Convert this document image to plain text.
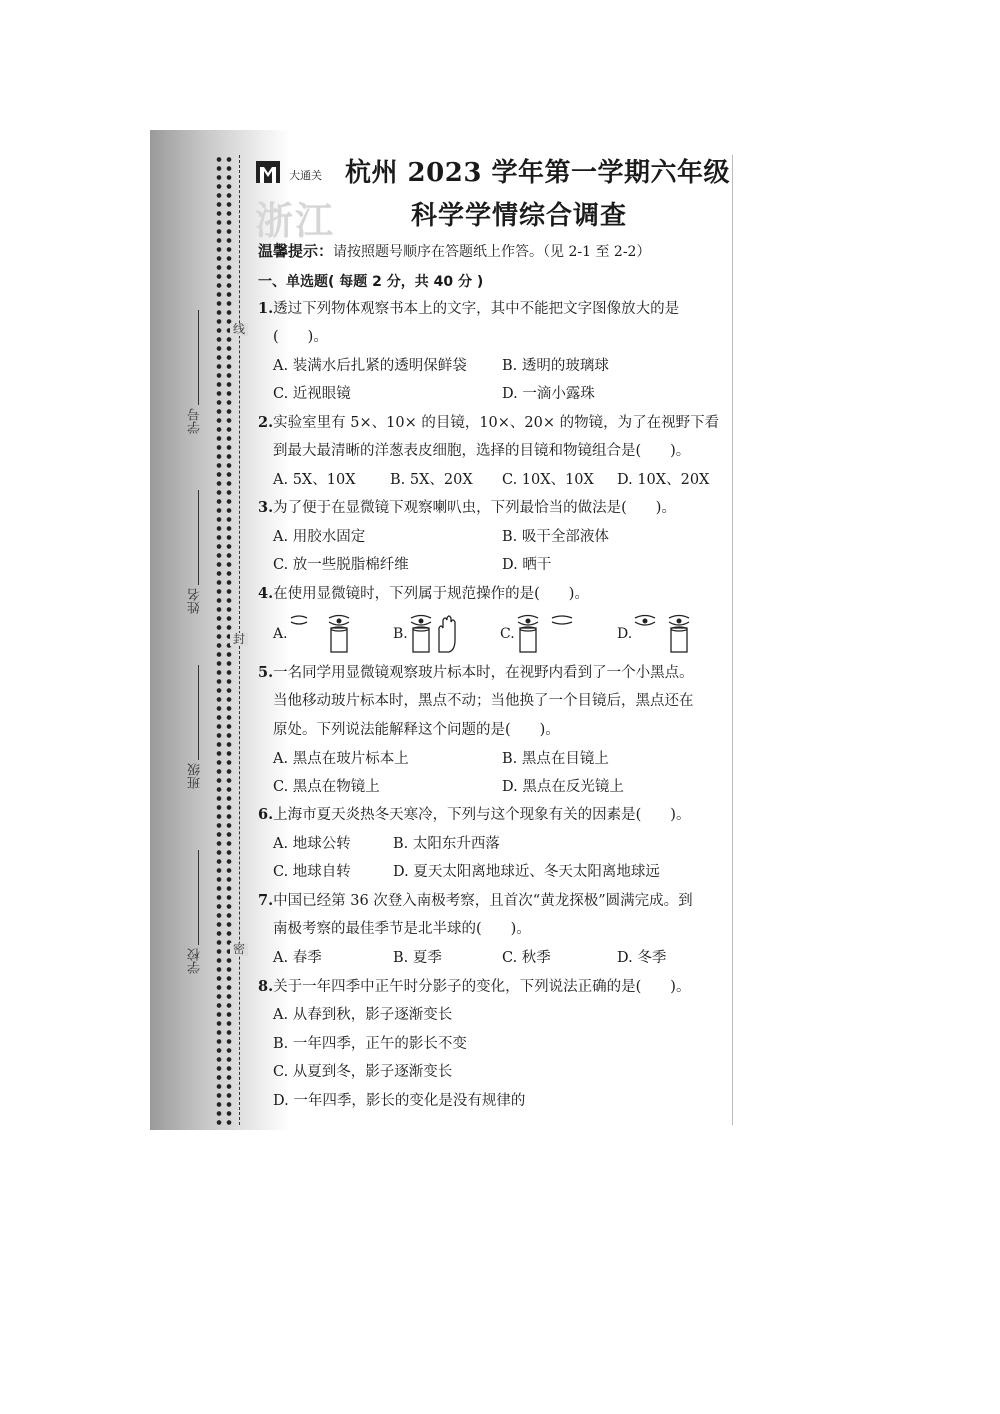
线
封
密
学号
姓名
班级
学校
大通关
浙江
杭州 2023 学年第一学期六年级
科学学情综合调查
温馨提示：请按照题号顺序在答题纸上作答。（见 2-1 至 2-2）
一、单选题( 每题 2 分，共 40 分 )
1.透过下列物体观察书本上的文字，其中不能把文字图像放大的是
(　　)。
A. 装满水后扎紧的透明保鲜袋 B. 透明的玻璃球
C. 近视眼镜	D. 一滴小露珠
2.实验室里有 5×、10× 的目镜，10×、20× 的物镜，为了在视野下看
到最大最清晰的洋葱表皮细胞，选择的目镜和物镜组合是(　　)。
A. 5X、10X B. 5X、20X C. 10X、10X D. 10X、20X
3.为了便于在显微镜下观察喇叭虫，下列最恰当的做法是(　　)。
A. 用胶水固定	B. 吸干全部液体
C. 放一些脱脂棉纤维	D. 晒干
4.在使用显微镜时，下列属于规范操作的是(　　)。
A.	B.	C.	D.
5.一名同学用显微镜观察玻片标本时，在视野内看到了一个小黑点。
当他移动玻片标本时，黑点不动；当他换了一个目镜后，黑点还在
原处。下列说法能解释这个问题的是(　　)。
A. 黑点在玻片标本上	B. 黑点在目镜上
C. 黑点在物镜上	D. 黑点在反光镜上
6.上海市夏天炎热冬天寒冷，下列与这个现象有关的因素是(　　)。
A. 地球公转	B. 太阳东升西落
C. 地球自转	D. 夏天太阳离地球近、冬天太阳离地球远
7.中国已经第 36 次登入南极考察，且首次“黄龙探极”圆满完成。到
南极考察的最佳季节是北半球的(　　)。
A. 春季	B. 夏季	C. 秋季	D. 冬季
8.关于一年四季中正午时分影子的变化，下列说法正确的是(　　)。
A. 从春到秋，影子逐渐变长
B. 一年四季，正午的影长不变
C. 从夏到冬，影子逐渐变长
D. 一年四季，影长的变化是没有规律的
